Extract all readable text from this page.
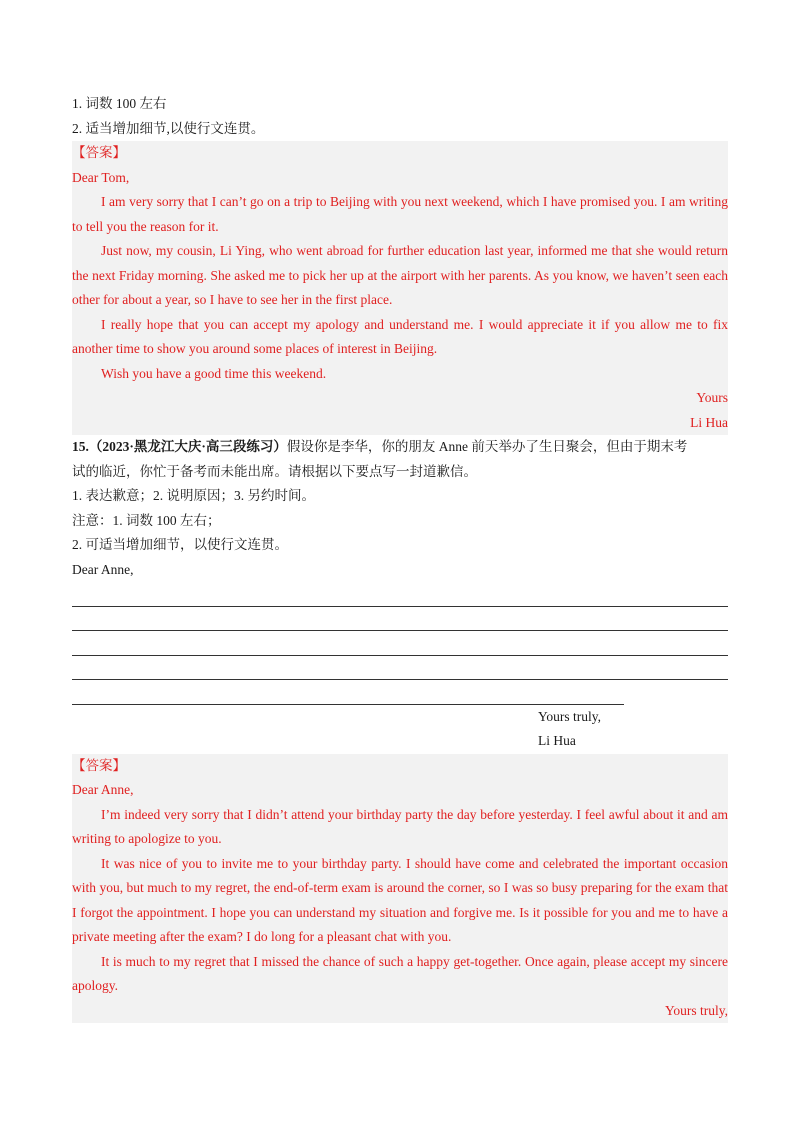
1. 词数 100 左右
2. 适当增加细节,以使行文连贯。
【答案】
Dear Tom,
I am very sorry that I can’t go on a trip to Beijing with you next weekend, which I have promised you. I am writing to tell you the reason for it.
Just now, my cousin, Li Ying, who went abroad for further education last year, informed me that she would return the next Friday morning. She asked me to pick her up at the airport with her parents. As you know, we haven’t seen each other for about a year, so I have to see her in the first place.
I really hope that you can accept my apology and understand me. I would appreciate it if you allow me to fix another time to show you around some places of interest in Beijing.
Wish you have a good time this weekend.
Yours
Li Hua
15.（2023·黑龙江大庆·高三段练习）假设你是李华，你的朋友 Anne 前天举办了生日聚会，但由于期末考
试的临近，你忙于备考而未能出席。请根据以下要点写一封道歉信。
1. 表达歉意；2. 说明原因；3. 另约时间。
注意：1. 词数 100 左右；
2. 可适当增加细节，以使行文连贯。
Dear Anne,
Yours truly,
Li Hua
【答案】
Dear Anne,
I’m indeed very sorry that I didn’t attend your birthday party the day before yesterday. I feel awful about it and am writing to apologize to you.
It was nice of you to invite me to your birthday party. I should have come and celebrated the important occasion with you, but much to my regret, the end-of-term exam is around the corner, so I was so busy preparing for the exam that I forgot the appointment. I hope you can understand my situation and forgive me. Is it possible for you and me to have a private meeting after the exam? I do long for a pleasant chat with you.
It is much to my regret that I missed the chance of such a happy get-together. Once again, please accept my sincere apology.
Yours truly,
